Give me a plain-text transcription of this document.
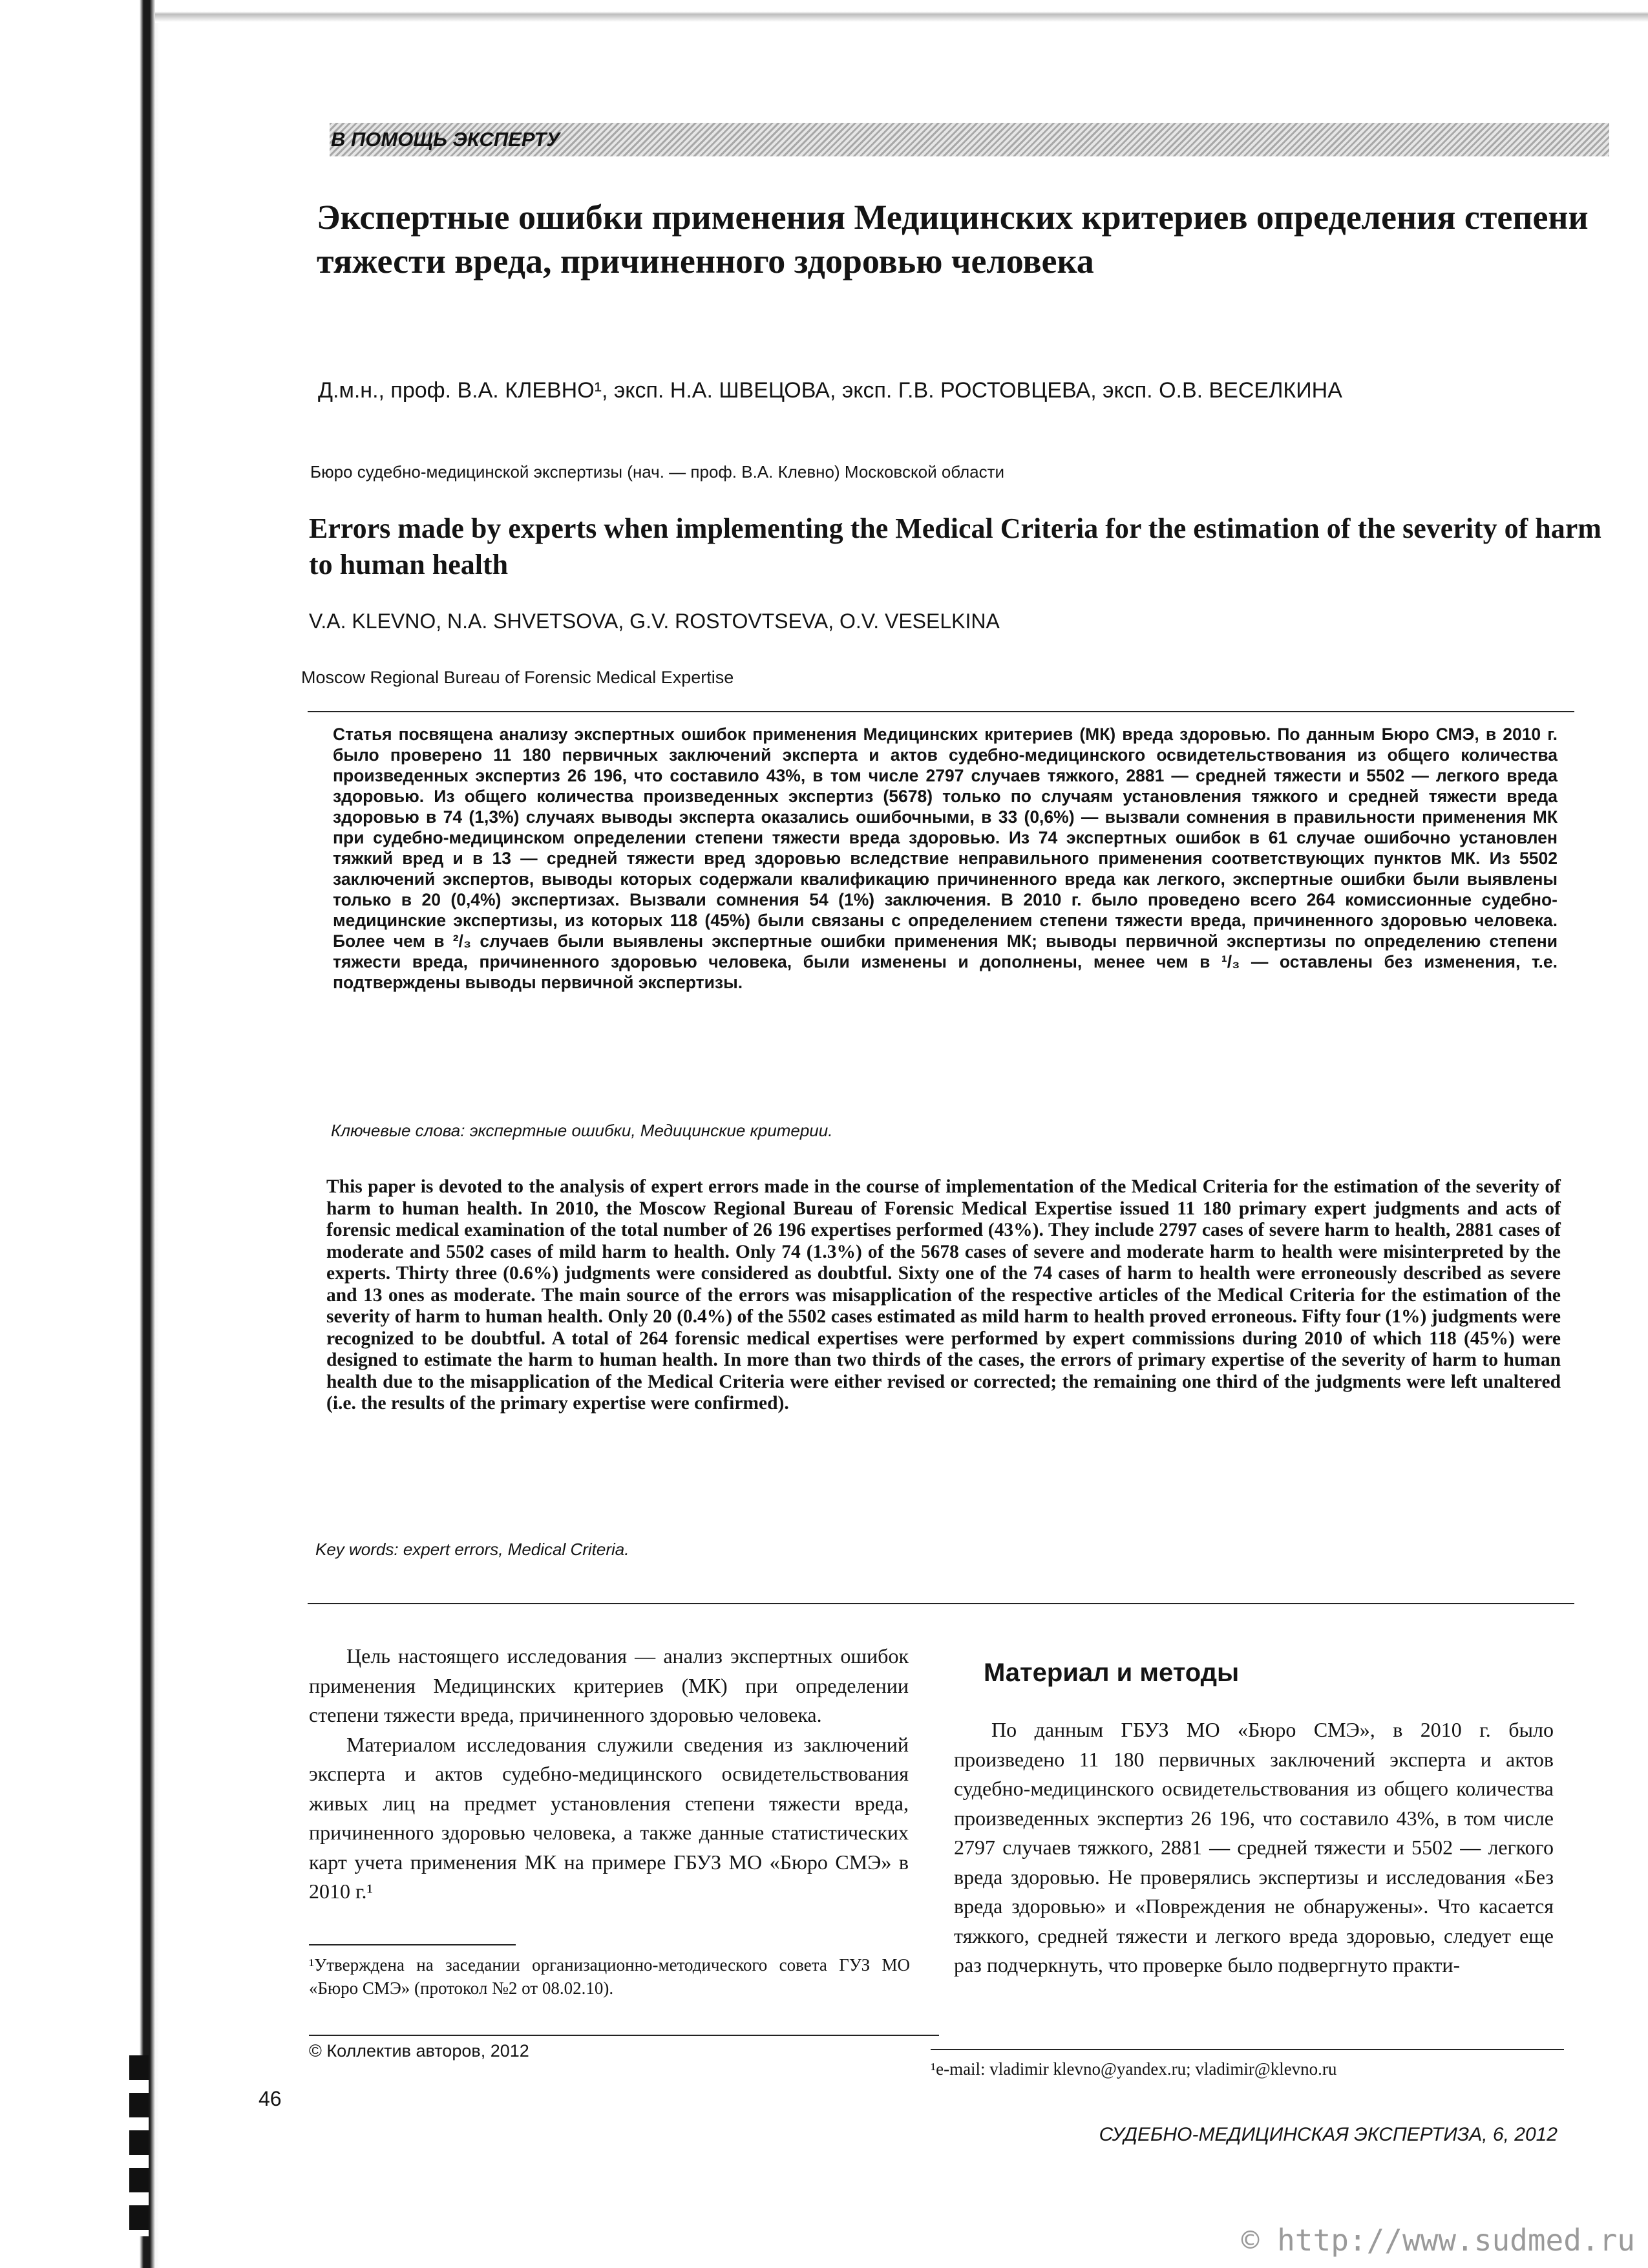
В ПОМОЩЬ ЭКСПЕРТУ
Экспертные ошибки применения Медицинских критериев определения степени тяжести вреда, причиненного здоровью человека
Д.м.н., проф. В.А. КЛЕВНО¹, эксп. Н.А. ШВЕЦОВА, эксп. Г.В. РОСТОВЦЕВА, эксп. О.В. ВЕСЕЛКИНА
Бюро судебно-медицинской экспертизы (нач. — проф. В.А. Клевно) Московской области
Errors made by experts when implementing the Medical Criteria for the estimation of the severity of harm to human health
V.A. KLEVNO, N.A. SHVETSOVA, G.V. ROSTOVTSEVA, O.V. VESELKINA
Moscow Regional Bureau of Forensic Medical Expertise

Статья посвящена анализу экспертных ошибок применения Медицинских критериев (МК) вреда здоровью. По данным Бюро СМЭ, в 2010 г. было проверено 11 180 первичных заключений эксперта и актов судебно-медицинского освидетельствования из общего количества произведенных экспертиз 26 196, что составило 43%, в том числе 2797 случаев тяжкого, 2881 — средней тяжести и 5502 — легкого вреда здоровью. Из общего количества произведенных экспертиз (5678) только по случаям установления тяжкого и средней тяжести вреда здоровью в 74 (1,3%) случаях выводы эксперта оказались ошибочными, в 33 (0,6%) — вызвали сомнения в правильности применения МК при судебно-медицинском определении степени тяжести вреда здоровью. Из 74 экспертных ошибок в 61 случае ошибочно установлен тяжкий вред и в 13 — средней тяжести вред здоровью вследствие неправильного применения соответствующих пунктов МК. Из 5502 заключений экспертов, выводы которых содержали квалификацию причиненного вреда как легкого, экспертные ошибки были выявлены только в 20 (0,4%) экспертизах. Вызвали сомнения 54 (1%) заключения. В 2010 г. было проведено всего 264 комиссионные судебно-медицинские экспертизы, из которых 118 (45%) были связаны с определением степени тяжести вреда, причиненного здоровью человека. Более чем в ²/₃ случаев были выявлены экспертные ошибки применения МК; выводы первичной экспертизы по определению степени тяжести вреда, причиненного здоровью человека, были изменены и дополнены, менее чем в ¹/₃ — оставлены без изменения, т.е. подтверждены выводы первичной экспертизы.

Ключевые слова: экспертные ошибки, Медицинские критерии.

This paper is devoted to the analysis of expert errors made in the course of implementation of the Medical Criteria for the estimation of the severity of harm to human health. In 2010, the Moscow Regional Bureau of Forensic Medical Expertise issued 11 180 primary expert judgments and acts of forensic medical examination of the total number of 26 196 expertises performed (43%). They include 2797 cases of severe harm to health, 2881 cases of moderate and 5502 cases of mild harm to health. Only 74 (1.3%) of the 5678 cases of severe and moderate harm to health were misinterpreted by the experts. Thirty three (0.6%) judgments were considered as doubtful. Sixty one of the 74 cases of harm to health were erroneously described as severe and 13 ones as moderate. The main source of the errors was misapplication of the respective articles of the Medical Criteria for the estimation of the severity of harm to human health. Only 20 (0.4%) of the 5502 cases estimated as mild harm to health proved erroneous. Fifty four (1%) judgments were recognized to be doubtful. A total of 264 forensic medical expertises were performed by expert commissions during 2010 of which 118 (45%) were designed to estimate the harm to human health. In more than two thirds of the cases, the errors of primary expertise of the severity of harm to human health due to the misapplication of the Medical Criteria were either revised or corrected; the remaining one third of the judgments were left unaltered (i.e. the results of the primary expertise were confirmed).

Key words: expert errors, Medical Criteria.

Цель настоящего исследования — анализ экспертных ошибок применения Медицинских критериев (МК) при определении степени тяжести вреда, причиненного здоровью человека.

Материалом исследования служили сведения из заключений эксперта и актов судебно-медицинского освидетельствования живых лиц на предмет установления степени тяжести вреда, причиненного здоровью человека, а также данные статистических карт учета применения МК на примере ГБУЗ МО «Бюро СМЭ» в 2010 г.¹

Материал и методы

По данным ГБУЗ МО «Бюро СМЭ», в 2010 г. было произведено 11 180 первичных заключений эксперта и актов судебно-медицинского освидетельствования из общего количества произведенных экспертиз 26 196, что составило 43%, в том числе 2797 случаев тяжкого, 2881 — средней тяжести и 5502 — легкого вреда здоровью. Не проверялись экспертизы и исследования «Без вреда здоровью» и «Повреждения не обнаружены». Что касается тяжкого, средней тяжести и легкого вреда здоровью, следует еще раз подчеркнуть, что проверке было подвергнуто практи-

¹Утверждена на заседании организационно-методического совета ГУЗ МО «Бюро СМЭ» (протокол №2 от 08.02.10).
© Коллектив авторов, 2012
¹e-mail: vladimir klevno@yandex.ru; vladimir@klevno.ru
46
СУДЕБНО-МЕДИЦИНСКАЯ ЭКСПЕРТИЗА, 6, 2012
© http://www.sudmed.ru
